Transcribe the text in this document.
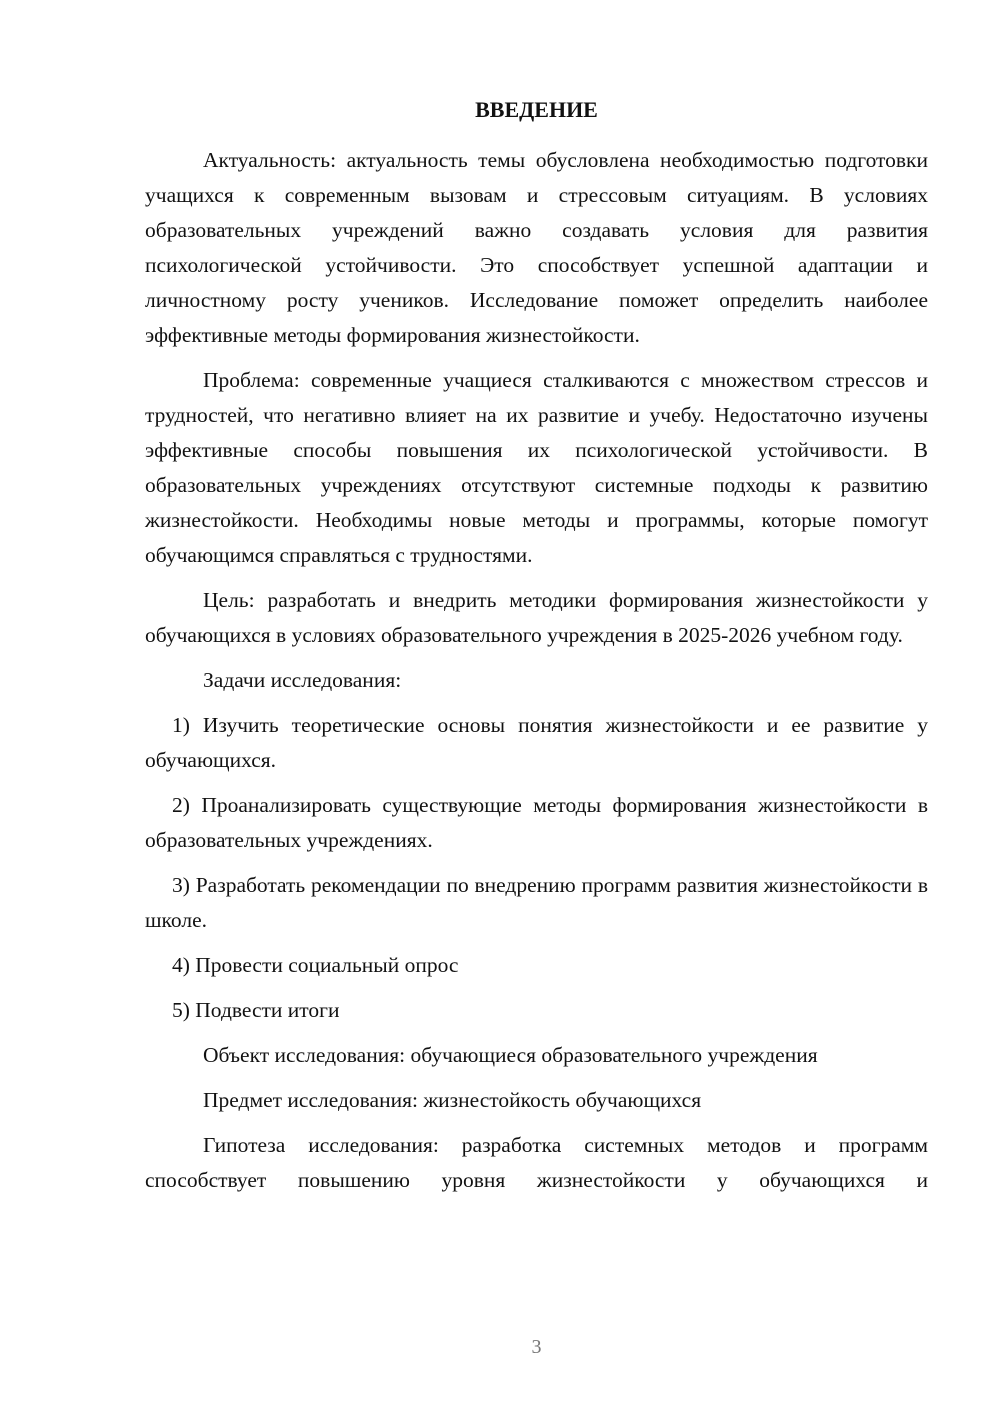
ВВЕДЕНИЕ

Актуальность: актуальность темы обусловлена необходимостью подготовки учащихся к современным вызовам и стрессовым ситуациям. В условиях образовательных учреждений важно создавать условия для развития психологической устойчивости. Это способствует успешной адаптации и личностному росту учеников. Исследование поможет определить наиболее эффективные методы формирования жизнестойкости.

Проблема: современные учащиеся сталкиваются с множеством стрессов и трудностей, что негативно влияет на их развитие и учебу. Недостаточно изучены эффективные способы повышения их психологической устойчивости. В образовательных учреждениях отсутствуют системные подходы к развитию жизнестойкости. Необходимы новые методы и программы, которые помогут обучающимся справляться с трудностями.

Цель: разработать и внедрить методики формирования жизнестойкости у обучающихся в условиях образовательного учреждения в 2025-2026 учебном году.

Задачи исследования:

1) Изучить теоретические основы понятия жизнестойкости и ее развитие у обучающихся.

2) Проанализировать существующие методы формирования жизнестойкости в образовательных учреждениях.

3) Разработать рекомендации по внедрению программ развития жизнестойкости в школе.

4) Провести социальный опрос

5) Подвести итоги

Объект исследования: обучающиеся образовательного учреждения

Предмет исследования: жизнестойкость обучающихся

Гипотеза исследования: разработка системных методов и программ способствует повышению уровня жизнестойкости у обучающихся и

3
